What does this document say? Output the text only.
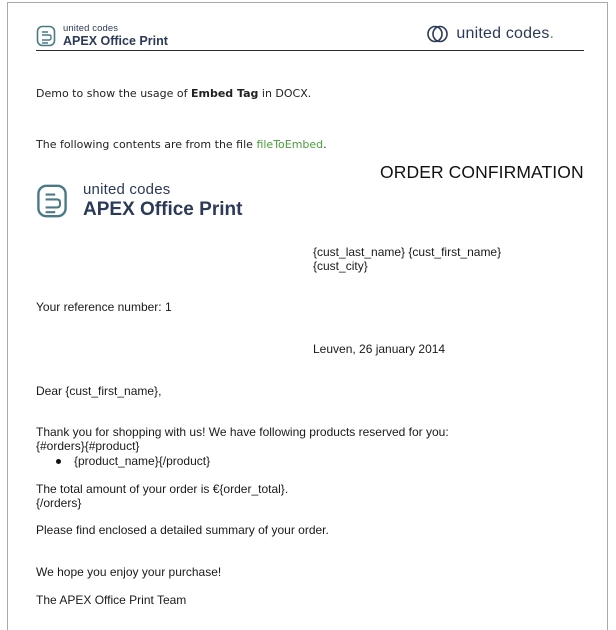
united codes
APEX Office Print	united codes .
Demo to show the usage of Embed Tag in DOCX.
The following contents are from the file fileToEmbed.
ORDER CONFIRMATION
united codes
APEX Office Print
{cust_last_name} {cust_first_name}
{cust_city}
Your reference number: 1
Leuven, 26 january 2014
Dear {cust_first_name},
Thank you for shopping with us! We have following products reserved for you:
{#orders}{#product}
{product_name}{/product}
The total amount of your order is €{order_total}.
{/orders}
Please find enclosed a detailed summary of your order.
We hope you enjoy your purchase!
The APEX Office Print Team
